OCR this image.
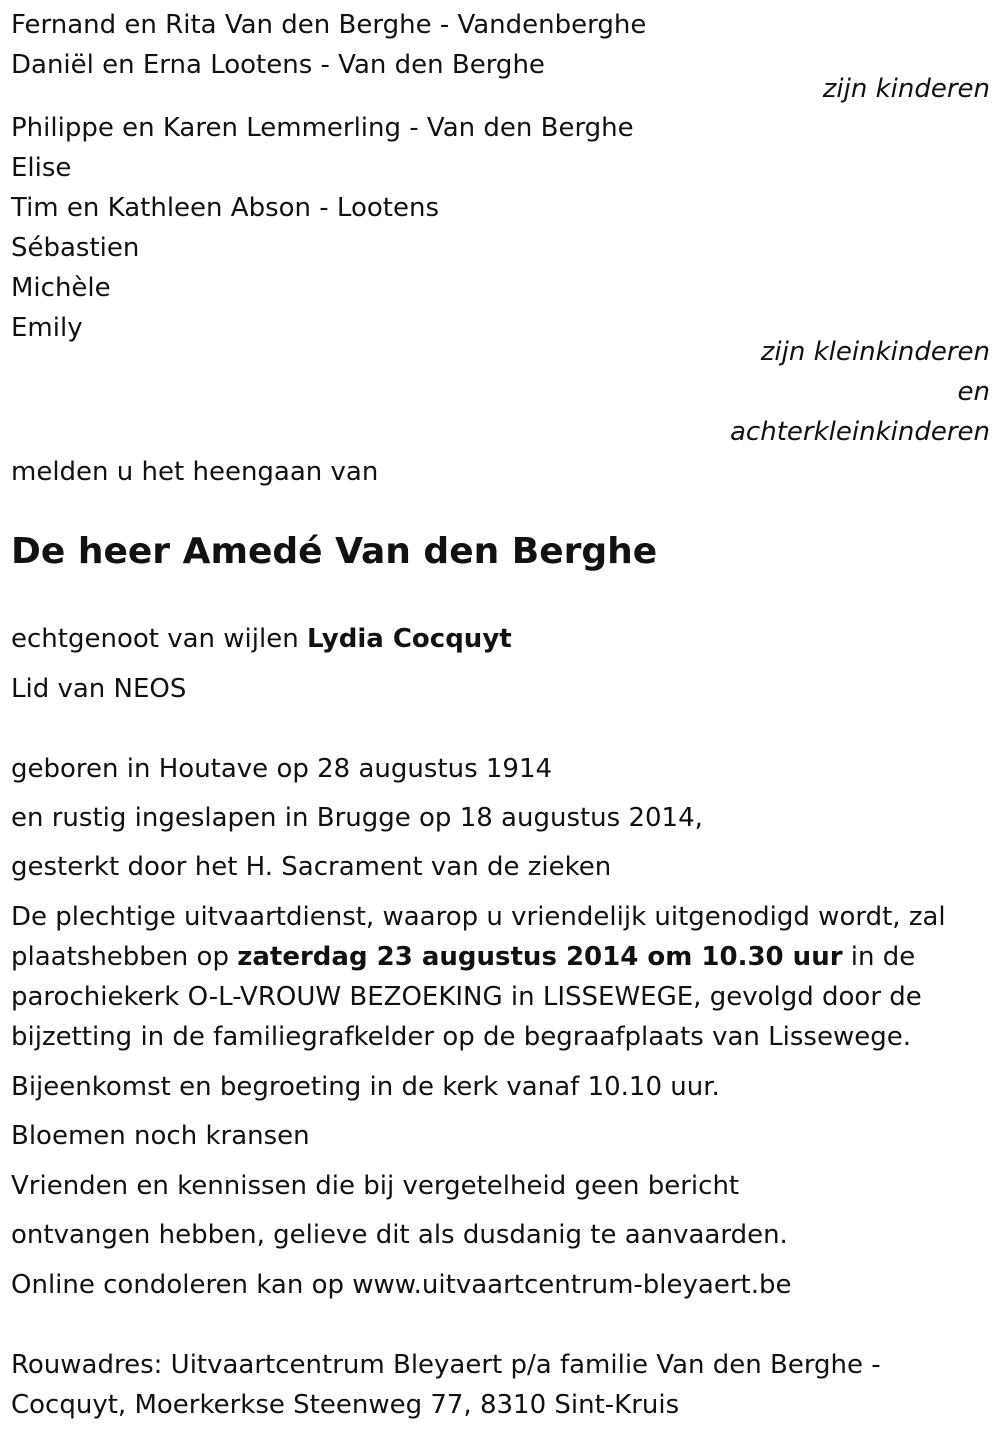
Fernand en Rita Van den Berghe - Vandenberghe
Daniël en Erna Lootens - Van den Berghe
zijn kinderen
Philippe en Karen Lemmerling - Van den Berghe
Elise
Tim en Kathleen Abson - Lootens
Sébastien
Michèle
Emily
zijn kleinkinderen
en
achterkleinkinderen
melden u het heengaan van
De heer Amedé Van den Berghe
echtgenoot van wijlen Lydia Cocquyt
Lid van NEOS
geboren in Houtave op 28 augustus 1914
en rustig ingeslapen in Brugge op 18 augustus 2014,
gesterkt door het H. Sacrament van de zieken
De plechtige uitvaartdienst, waarop u vriendelijk uitgenodigd wordt, zal plaatshebben op zaterdag 23 augustus 2014 om 10.30 uur in de parochiekerk O-L-VROUW BEZOEKING in LISSEWEGE, gevolgd door de bijzetting in de familiegrafkelder op de begraafplaats van Lissewege.
Bijeenkomst en begroeting in de kerk vanaf 10.10 uur.
Bloemen noch kransen
Vrienden en kennissen die bij vergetelheid geen bericht
ontvangen hebben, gelieve dit als dusdanig te aanvaarden.
Online condoleren kan op www.uitvaartcentrum-bleyaert.be
Rouwadres: Uitvaartcentrum Bleyaert p/a familie Van den Berghe - Cocquyt, Moerkerkse Steenweg 77, 8310 Sint-Kruis
